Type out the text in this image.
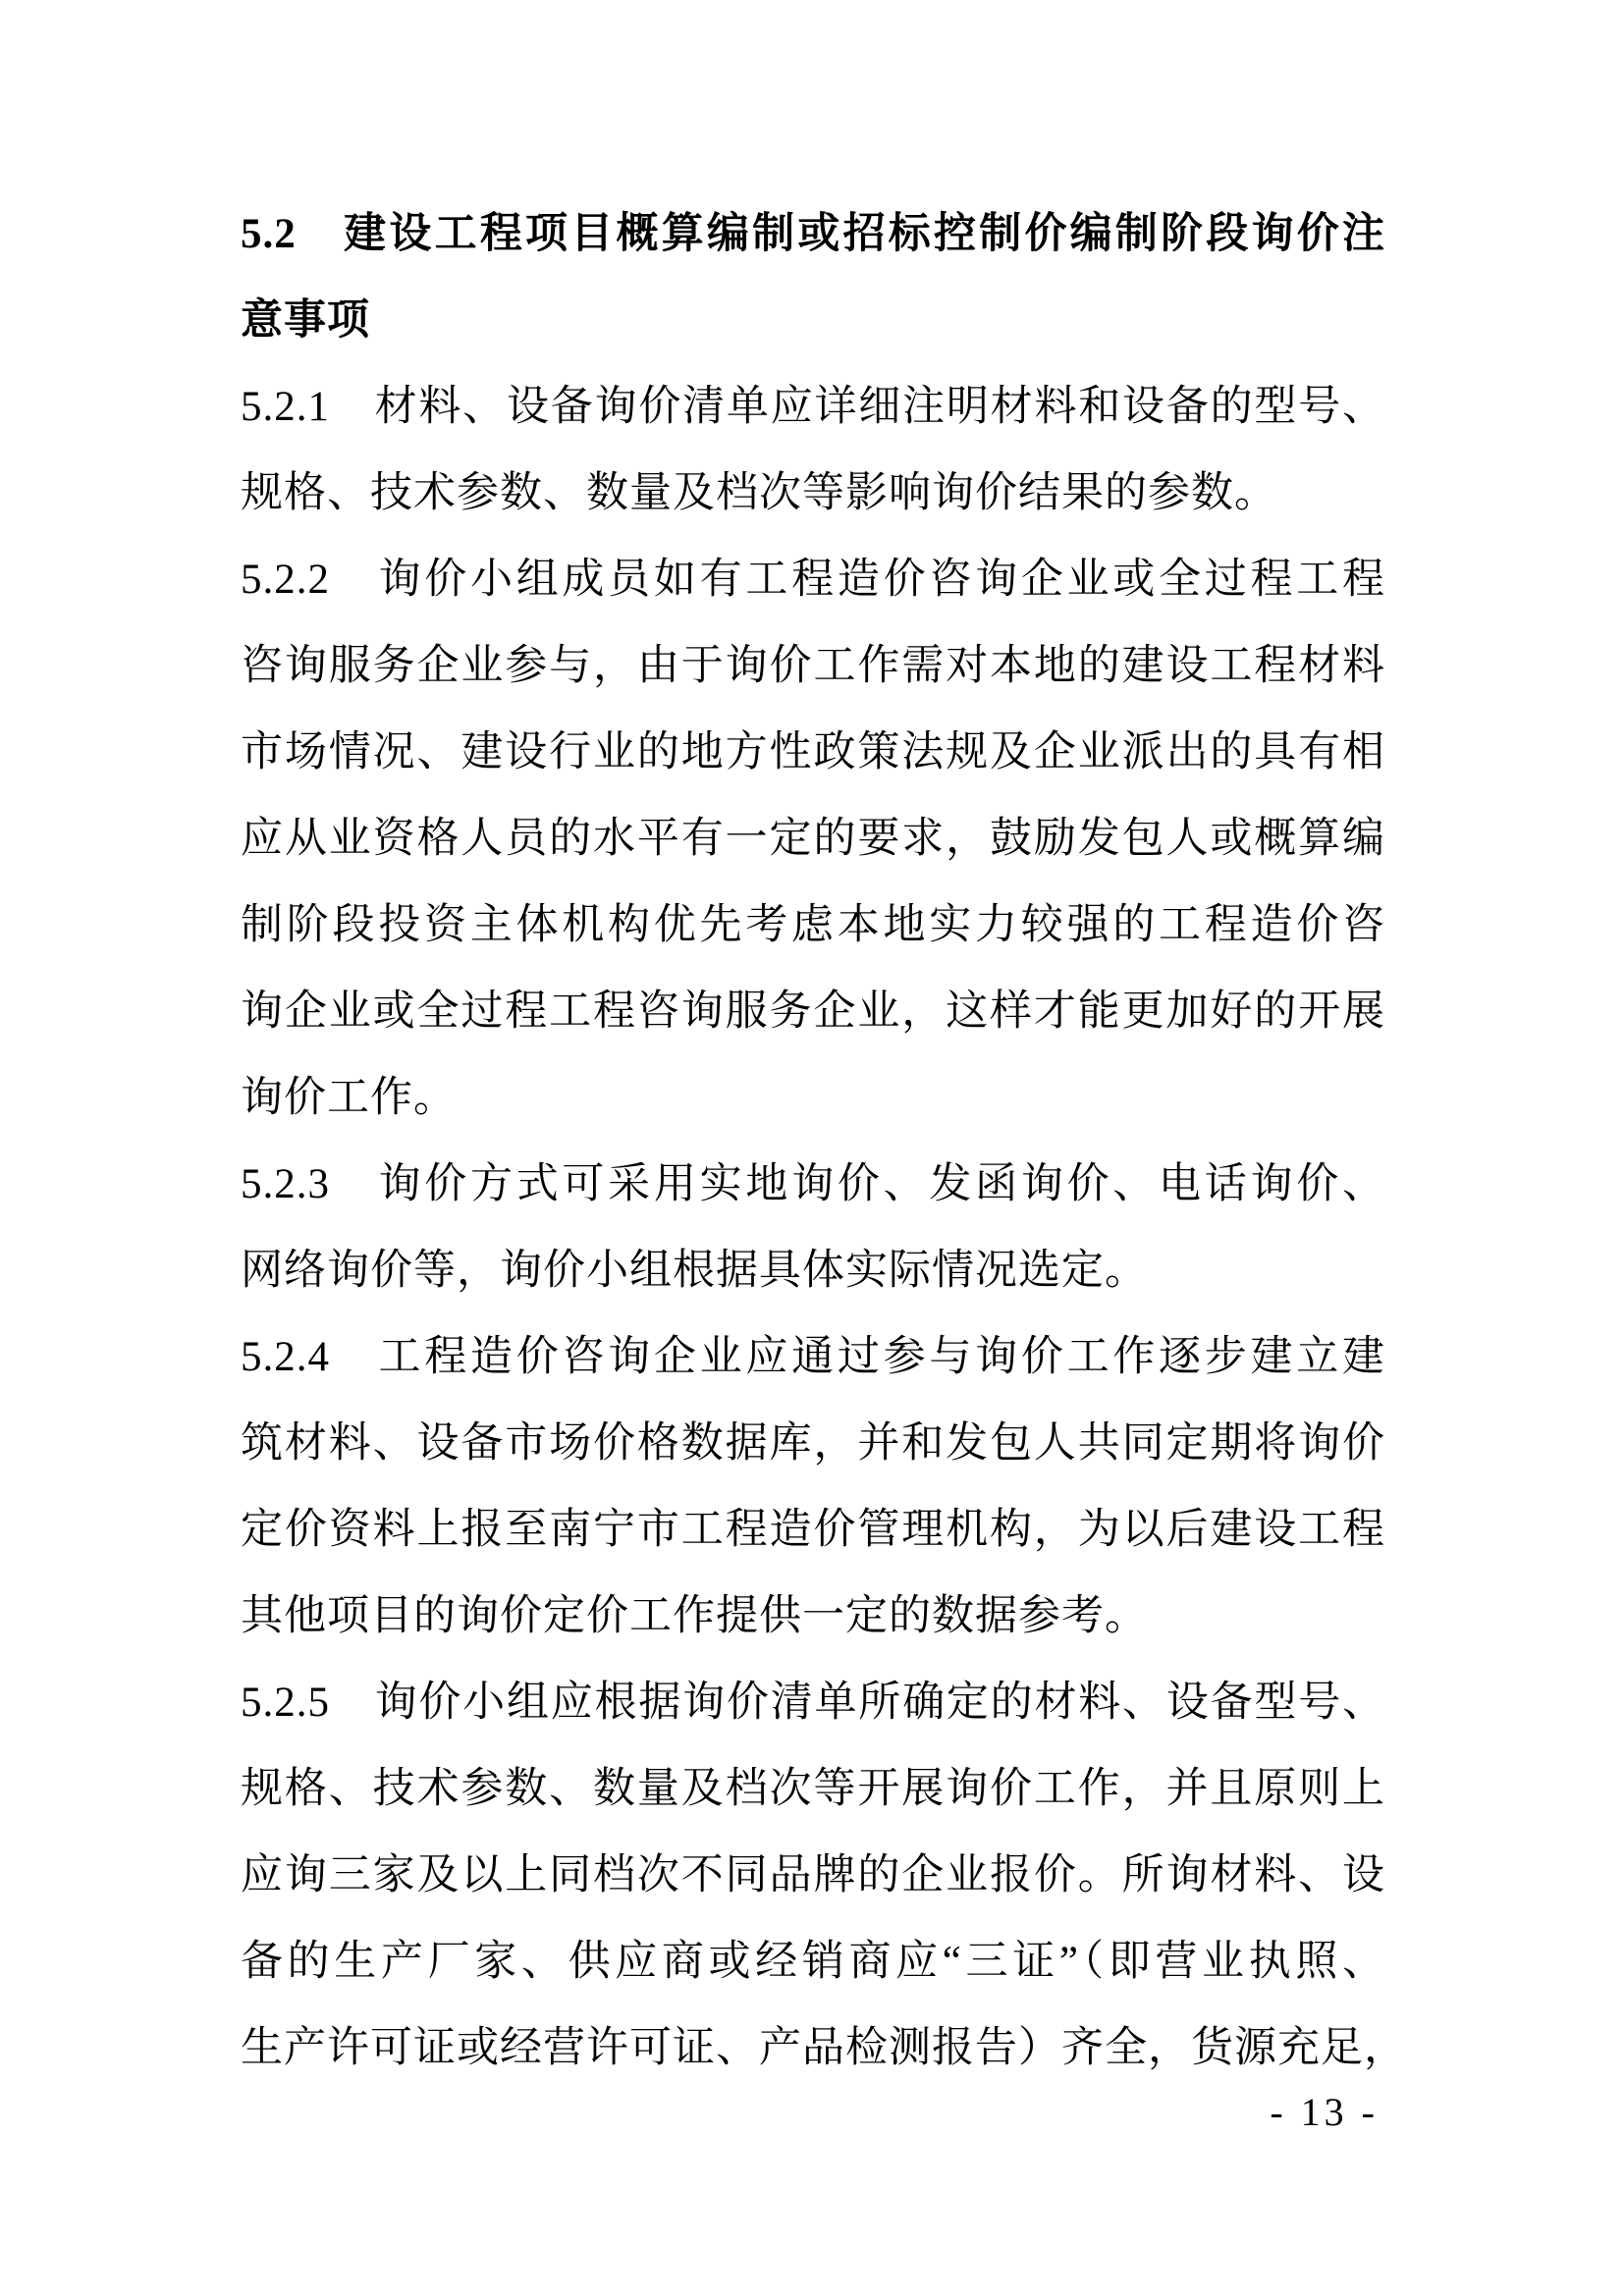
5.2　建设工程项目概算编制或招标控制价编制阶段询价注
意事项
5.2.1　材料、设备询价清单应详细注明材料和设备的型号、
规格、技术参数、数量及档次等影响询价结果的参数。
5.2.2　询价小组成员如有工程造价咨询企业或全过程工程
咨询服务企业参与，由于询价工作需对本地的建设工程材料
市场情况、建设行业的地方性政策法规及企业派出的具有相
应从业资格人员的水平有一定的要求，鼓励发包人或概算编
制阶段投资主体机构优先考虑本地实力较强的工程造价咨
询企业或全过程工程咨询服务企业，这样才能更加好的开展
询价工作。
5.2.3　询价方式可采用实地询价、发函询价、电话询价、
网络询价等，询价小组根据具体实际情况选定。
5.2.4　工程造价咨询企业应通过参与询价工作逐步建立建
筑材料、设备市场价格数据库，并和发包人共同定期将询价
定价资料上报至南宁市工程造价管理机构，为以后建设工程
其他项目的询价定价工作提供一定的数据参考。
5.2.5　询价小组应根据询价清单所确定的材料、设备型号、
规格、技术参数、数量及档次等开展询价工作，并且原则上
应询三家及以上同档次不同品牌的企业报价。所询材料、设
备的生产厂家、供应商或经销商应“三证”（即营业执照、
生产许可证或经营许可证、产品检测报告）齐全，货源充足，
- 13 -
